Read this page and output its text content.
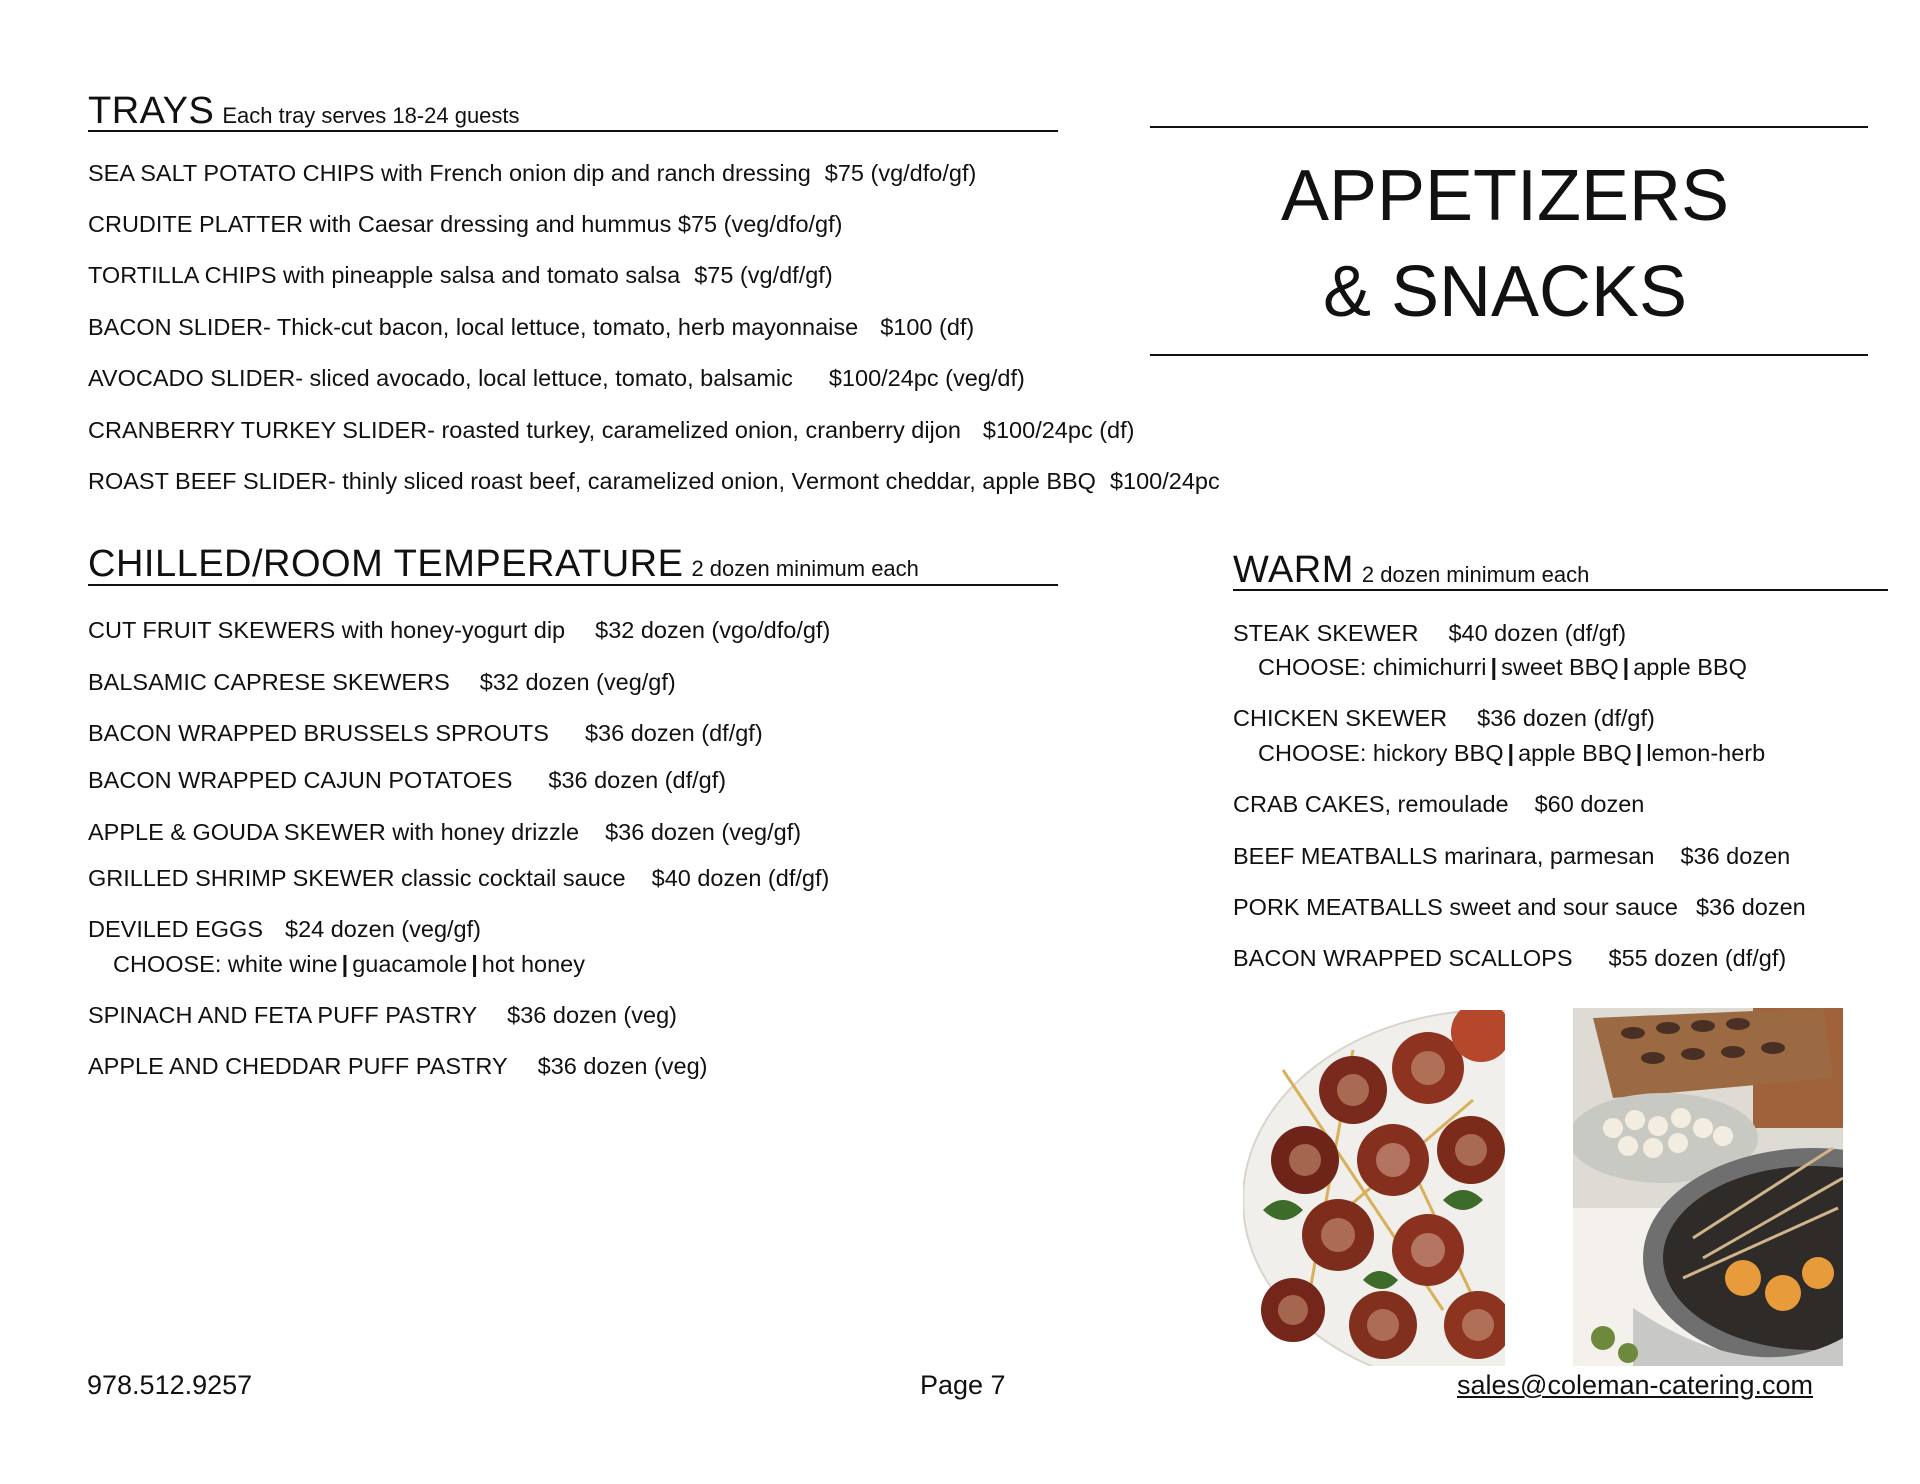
TRAYS Each tray serves 18-24 guests
SEA SALT POTATO CHIPS with French onion dip and ranch dressing $75 (vg/dfo/gf)
CRUDITE PLATTER with Caesar dressing and hummus $75 (veg/dfo/gf)
TORTILLA CHIPS with pineapple salsa and tomato salsa $75 (vg/df/gf)
BACON SLIDER- Thick-cut bacon, local lettuce, tomato, herb mayonnaise $100 (df)
AVOCADO SLIDER- sliced avocado, local lettuce, tomato, balsamic $100/24pc (veg/df)
CRANBERRY TURKEY SLIDER- roasted turkey, caramelized onion, cranberry dijon $100/24pc (df)
ROAST BEEF SLIDER- thinly sliced roast beef, caramelized onion, Vermont cheddar, apple BBQ $100/24pc
APPETIZERS
& SNACKS
CHILLED/ROOM TEMPERATURE 2 dozen minimum each
CUT FRUIT SKEWERS with honey-yogurt dip $32 dozen (vgo/dfo/gf)
BALSAMIC CAPRESE SKEWERS $32 dozen (veg/gf)
BACON WRAPPED BRUSSELS SPROUTS $36 dozen (df/gf)
BACON WRAPPED CAJUN POTATOES $36 dozen (df/gf)
APPLE & GOUDA SKEWER with honey drizzle $36 dozen (veg/gf)
GRILLED SHRIMP SKEWER classic cocktail sauce $40 dozen (df/gf)
DEVILED EGGS $24 dozen (veg/gf)
CHOOSE: white wine | guacamole | hot honey
SPINACH AND FETA PUFF PASTRY $36 dozen (veg)
APPLE AND CHEDDAR PUFF PASTRY $36 dozen (veg)
WARM 2 dozen minimum each
STEAK SKEWER $40 dozen (df/gf)
CHOOSE: chimichurri | sweet BBQ | apple BBQ
CHICKEN SKEWER $36 dozen (df/gf)
CHOOSE: hickory BBQ | apple BBQ | lemon-herb
CRAB CAKES, remoulade $60 dozen
BEEF MEATBALLS marinara, parmesan $36 dozen
PORK MEATBALLS sweet and sour sauce $36 dozen
BACON WRAPPED SCALLOPS $55 dozen (df/gf)
978.512.9257	Page 7	sales@coleman-catering.com
